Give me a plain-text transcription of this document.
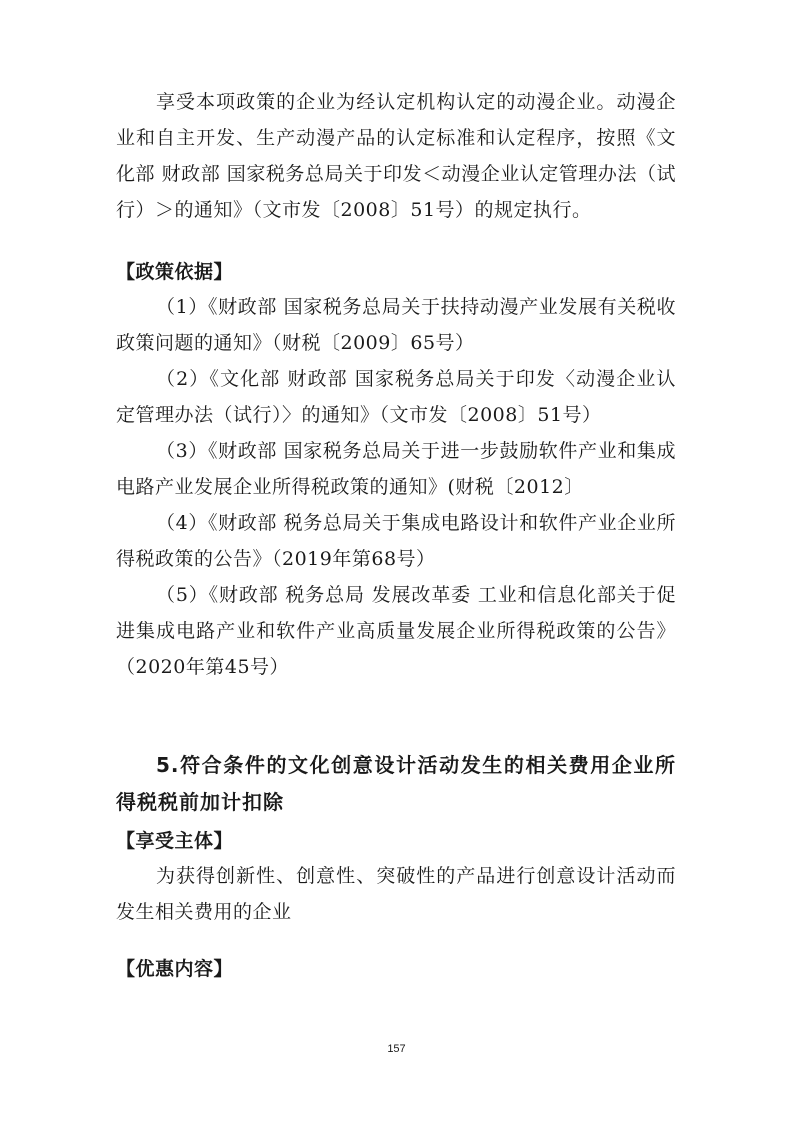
享受本项政策的企业为经认定机构认定的动漫企业。动漫企业和自主开发、生产动漫产品的认定标准和认定程序，按照《文化部 财政部 国家税务总局关于印发＜动漫企业认定管理办法（试行）＞的通知》（文市发〔2008〕51号）的规定执行。

【政策依据】

（1）《财政部 国家税务总局关于扶持动漫产业发展有关税收政策问题的通知》（财税〔2009〕65号）

（2）《文化部 财政部 国家税务总局关于印发〈动漫企业认定管理办法（试行）〉的通知》（文市发〔2008〕51号）

（3）《财政部 国家税务总局关于进一步鼓励软件产业和集成电路产业发展企业所得税政策的通知》(财税〔2012〕

（4）《财政部 税务总局关于集成电路设计和软件产业企业所得税政策的公告》（2019年第68号）

（5）《财政部 税务总局 发展改革委 工业和信息化部关于促进集成电路产业和软件产业高质量发展企业所得税政策的公告》（2020年第45号）

5.符合条件的文化创意设计活动发生的相关费用企业所得税税前加计扣除
【享受主体】

为获得创新性、创意性、突破性的产品进行创意设计活动而发生相关费用的企业

【优惠内容】
157
